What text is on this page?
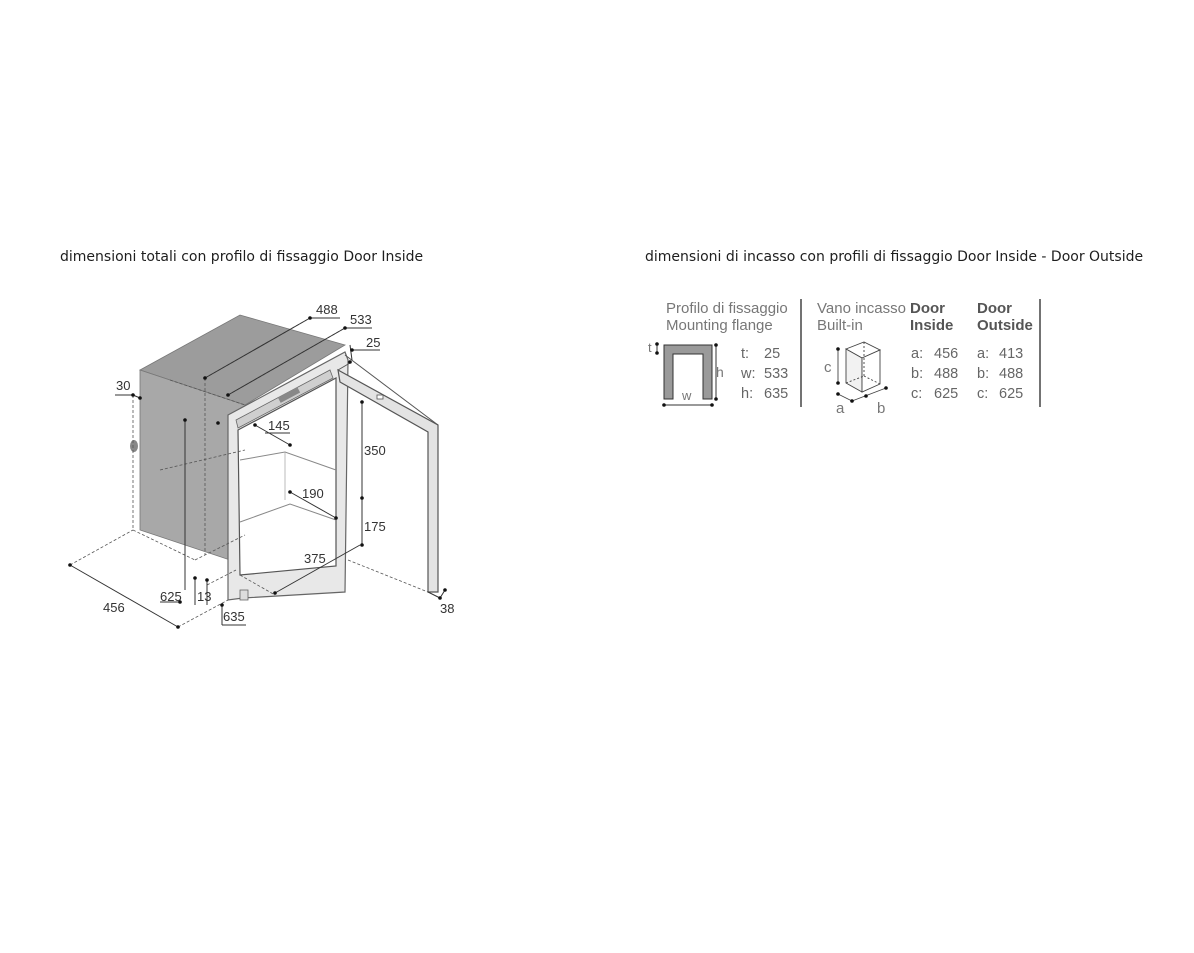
dimensioni totali con profilo di fissaggio Door Inside	dimensioni di incasso con profili di fissaggio Door Inside - Door Outside
488
533
25
30
145
350
190
175
375
456
625 13
635
38
Profilo di fissaggio
Mounting flange
t
h
w
t: 25
w: 533
h: 635
Vano incasso
Built-in
c
a b
Door
Inside
a: 456
b: 488
c: 625
Door
Outside
a: 413
b: 488
c: 625
